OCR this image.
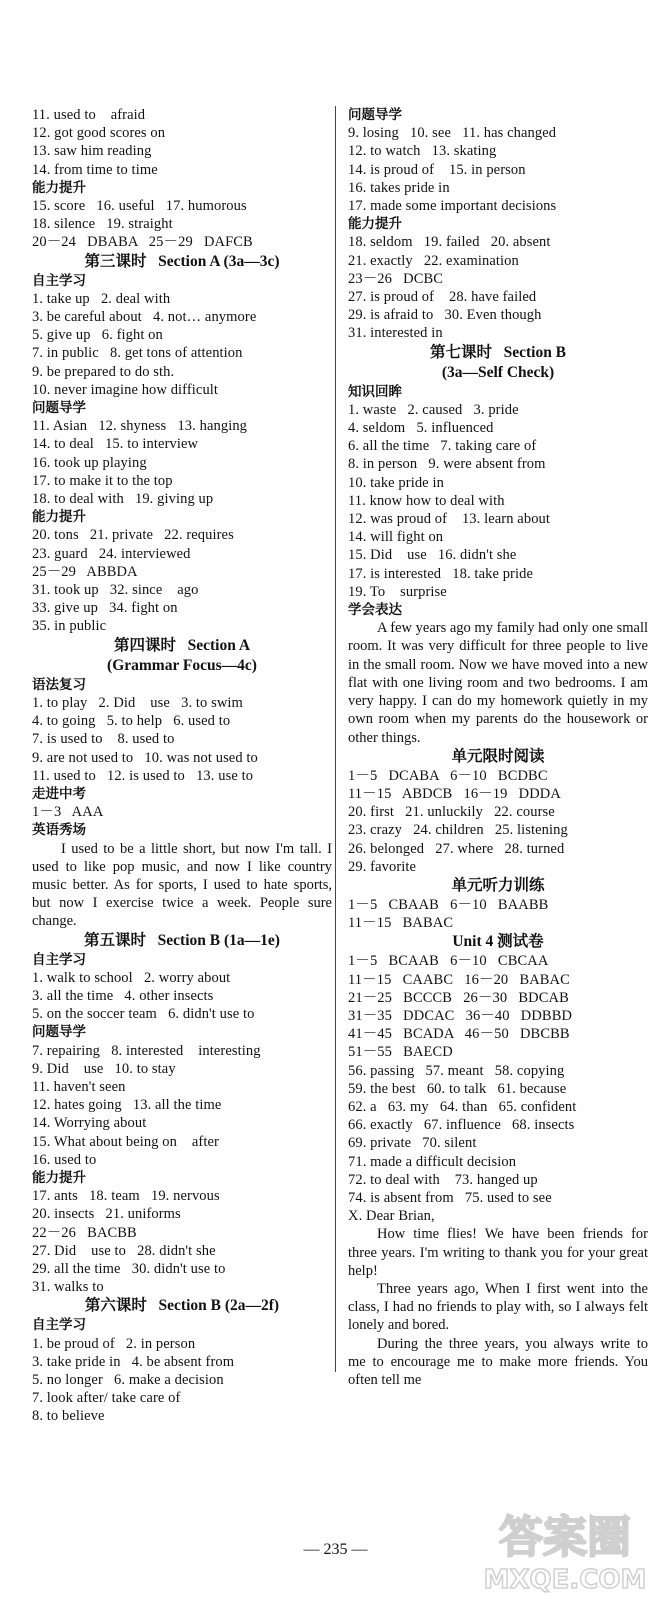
11. used to    afraid
12. got good scores on
13. saw him reading
14. from time to time
能力提升
15. score   16. useful   17. humorous
18. silence   19. straight
20－24   DBABA   25－29   DAFCB
第三课时   Section A (3a—3c)
自主学习
1. take up   2. deal with
3. be careful about   4. not… anymore
5. give up   6. fight on
7. in public   8. get tons of attention
9. be prepared to do sth.
10. never imagine how difficult
问题导学
11. Asian   12. shyness   13. hanging
14. to deal   15. to interview
16. took up playing
17. to make it to the top
18. to deal with   19. giving up
能力提升
20. tons   21. private   22. requires
23. guard   24. interviewed
25－29   ABBDA
31. took up   32. since    ago
33. give up   34. fight on
35. in public
第四课时   Section A
(Grammar Focus—4c)
语法复习
1. to play   2. Did    use   3. to swim
4. to going   5. to help   6. used to
7. is used to    8. used to
9. are not used to   10. was not used to
11. used to   12. is used to   13. use to
走进中考
1－3   AAA
英语秀场
I used to be a little short, but now I'm tall. I used to like pop music, and now I like country music better. As for sports, I used to hate sports, but now I exercise twice a week. People sure change.
第五课时   Section B (1a—1e)
自主学习
1. walk to school   2. worry about
3. all the time   4. other insects
5. on the soccer team   6. didn't use to
问题导学
7. repairing   8. interested    interesting
9. Did    use   10. to stay
11. haven't seen
12. hates going   13. all the time
14. Worrying about
15. What about being on    after
16. used to
能力提升
17. ants   18. team   19. nervous
20. insects   21. uniforms
22－26   BACBB
27. Did    use to   28. didn't she
29. all the time   30. didn't use to
31. walks to
第六课时   Section B (2a—2f)
自主学习
1. be proud of   2. in person
3. take pride in   4. be absent from
5. no longer   6. make a decision
7. look after/ take care of
8. to believe
问题导学
9. losing   10. see   11. has changed
12. to watch   13. skating
14. is proud of    15. in person
16. takes pride in
17. made some important decisions
能力提升
18. seldom   19. failed   20. absent
21. exactly   22. examination
23－26   DCBC
27. is proud of    28. have failed
29. is afraid to   30. Even though
31. interested in
第七课时   Section B
(3a—Self Check)
知识回眸
1. waste   2. caused   3. pride
4. seldom   5. influenced
6. all the time   7. taking care of
8. in person   9. were absent from
10. take pride in
11. know how to deal with
12. was proud of    13. learn about
14. will fight on
15. Did    use   16. didn't she
17. is interested   18. take pride
19. To    surprise
学会表达
A few years ago my family had only one small room. It was very difficult for three people to live in the small room. Now we have moved into a new flat with one living room and two bedrooms. I am very happy. I can do my homework quietly in my own room when my parents do the housework or other things.
单元限时阅读
1－5   DCABA   6－10   BCDBC
11－15   ABDCB   16－19   DDDA
20. first   21. unluckily   22. course
23. crazy   24. children   25. listening
26. belonged   27. where   28. turned
29. favorite
单元听力训练
1－5   CBAAB   6－10   BAABB
11－15   BABAC
Unit 4 测试卷
1－5   BCAAB   6－10   CBCAA
11－15   CAABC   16－20   BABAC
21－25   BCCCB   26－30   BDCAB
31－35   DDCAC   36－40   DDBBD
41－45   BCADA   46－50   DBCBB
51－55   BAECD
56. passing   57. meant   58. copying
59. the best   60. to talk   61. because
62. a   63. my   64. than   65. confident
66. exactly   67. influence   68. insects
69. private   70. silent
71. made a difficult decision
72. to deal with    73. hanged up
74. is absent from   75. used to see
X. Dear Brian,
How time flies! We have been friends for three years. I'm writing to thank you for your great help!
Three years ago, When I first went into the class, I had no friends to play with, so I always felt lonely and bored.
During the three years, you always write to me to encourage me to make more friends. You often tell me
— 235 —	答案圈
MXQE.COM
